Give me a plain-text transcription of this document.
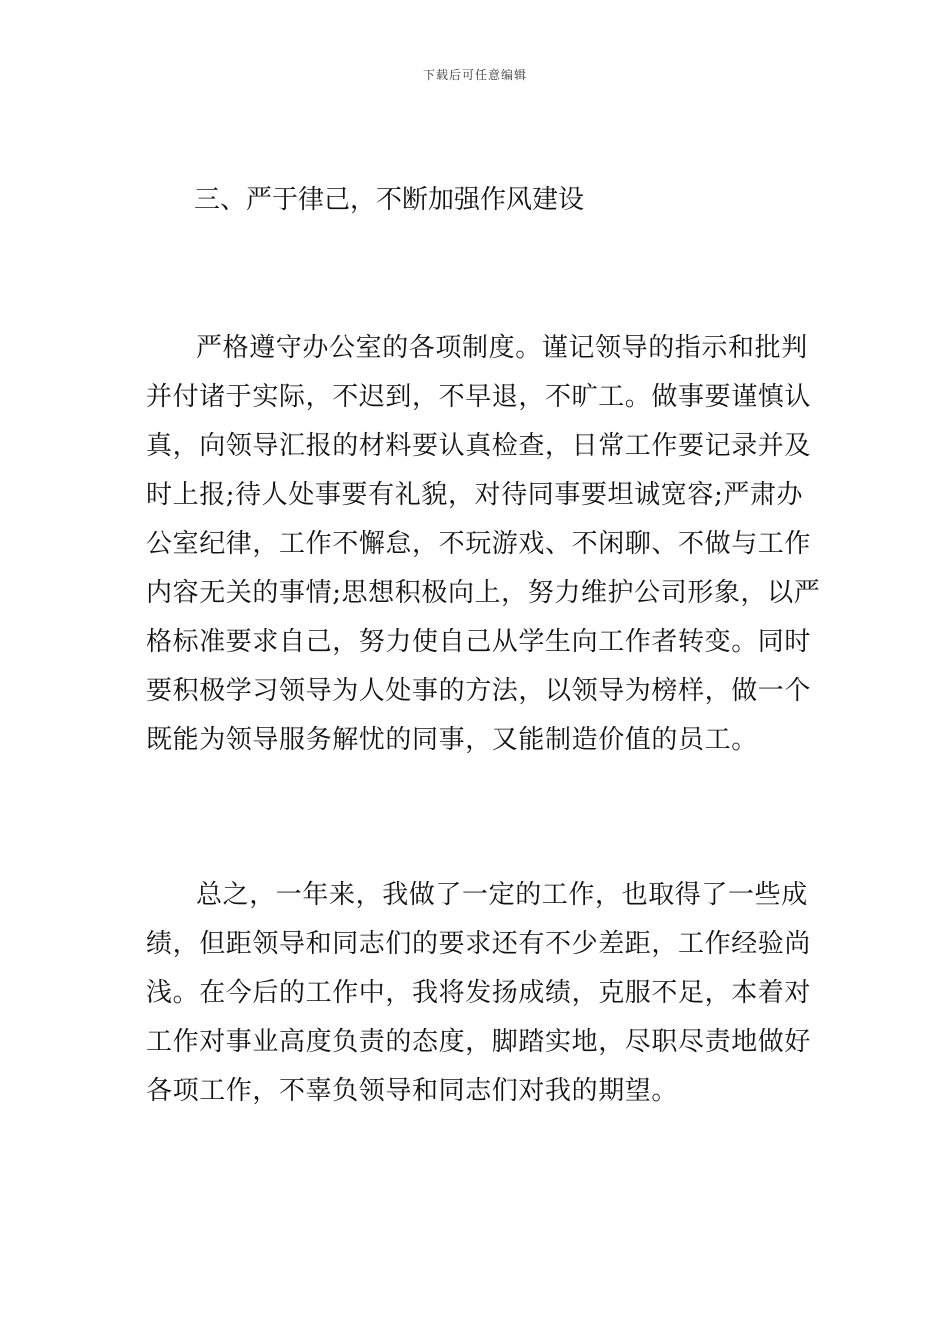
下载后可任意编辑
三、严于律己，不断加强作风建设
严格遵守办公室的各项制度。谨记领导的指示和批判
并付诸于实际，不迟到，不早退，不旷工。做事要谨慎认
真，向领导汇报的材料要认真检查，日常工作要记录并及
时上报;待人处事要有礼貌，对待同事要坦诚宽容;严肃办
公室纪律，工作不懈怠，不玩游戏、不闲聊、不做与工作
内容无关的事情;思想积极向上，努力维护公司形象，以严
格标准要求自己，努力使自己从学生向工作者转变。同时
要积极学习领导为人处事的方法，以领导为榜样，做一个
既能为领导服务解忧的同事，又能制造价值的员工。
总之，一年来，我做了一定的工作，也取得了一些成
绩，但距领导和同志们的要求还有不少差距，工作经验尚
浅。在今后的工作中，我将发扬成绩，克服不足，本着对
工作对事业高度负责的态度，脚踏实地，尽职尽责地做好
各项工作，不辜负领导和同志们对我的期望。
